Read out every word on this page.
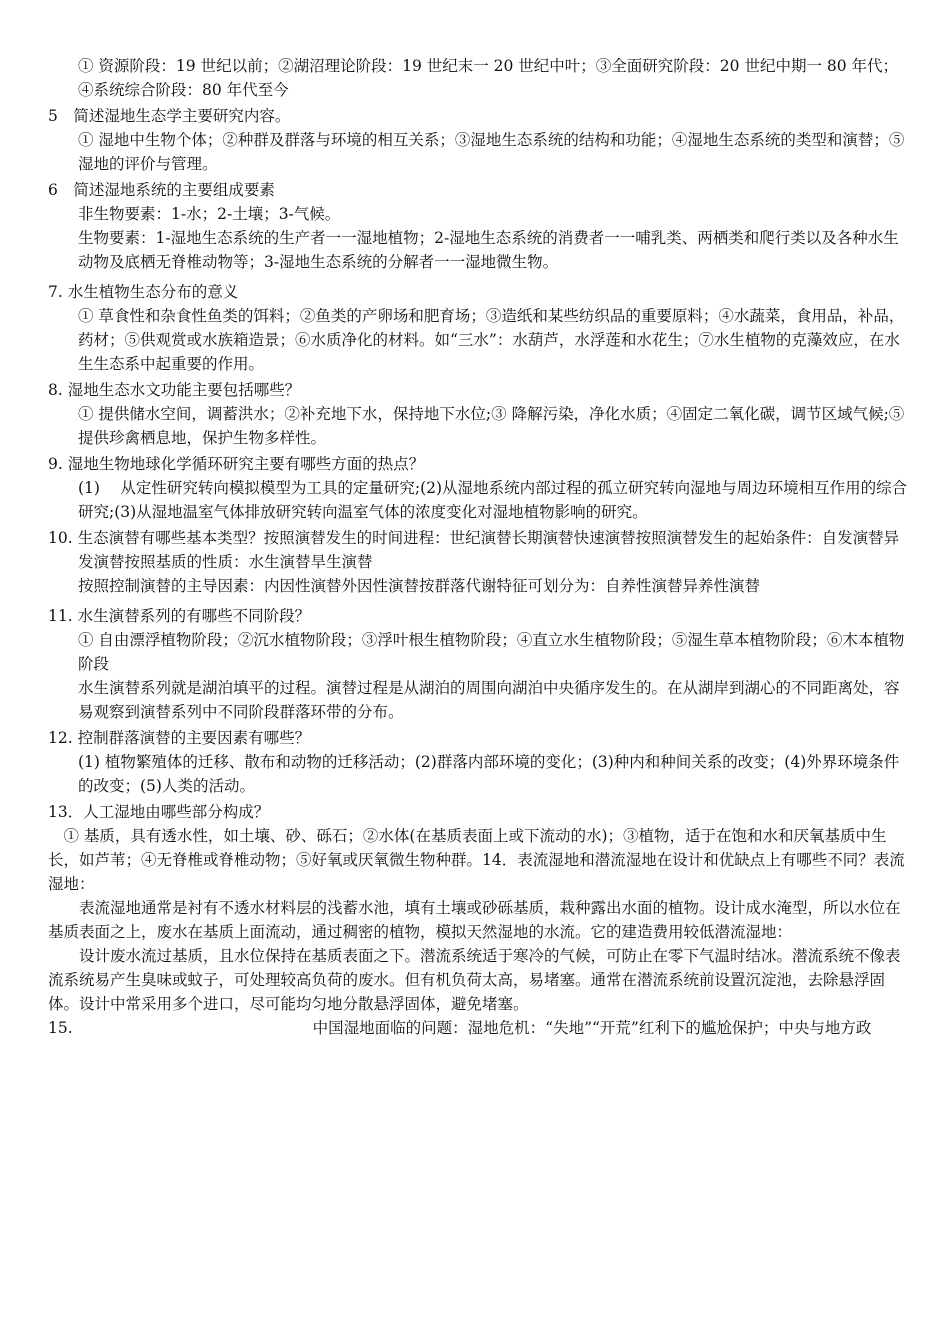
① 资源阶段：19 世纪以前；②湖沼理论阶段：19 世纪末一 20 世纪中叶；③全面研究阶段：20 世纪中期一 80 年代；④系统综合阶段：80 年代至今
5　简述湿地生态学主要研究内容。
① 湿地中生物个体；②种群及群落与环境的相互关系；③湿地生态系统的结构和功能；④湿地生态系统的类型和演替；⑤湿地的评价与管理。
6　简述湿地系统的主要组成要素
非生物要素：1-水；2-土壤；3-气候。
生物要素：1-湿地生态系统的生产者一一湿地植物；2-湿地生态系统的消费者一一哺乳类、两栖类和爬行类以及各种水生动物及底栖无脊椎动物等；3-湿地生态系统的分解者一一湿地微生物。
7. 水生植物生态分布的意义
① 草食性和杂食性鱼类的饵料；②鱼类的产卵场和肥育场；③造纸和某些纺织品的重要原料；④水蔬菜，食用品，补品，药材；⑤供观赏或水族箱造景；⑥水质净化的材料。如“三水”：水葫芦，水浮莲和水花生；⑦水生植物的克藻效应，在水生生态系中起重要的作用。
8. 湿地生态水文功能主要包括哪些？
① 提供储水空间，调蓄洪水；②补充地下水，保持地下水位;③ 降解污染，净化水质；④固定二氧化碳，调节区域气候;⑤ 提供珍禽栖息地，保护生物多样性。
9. 湿地生物地球化学循环研究主要有哪些方面的热点？
(1)　 从定性研究转向模拟模型为工具的定量研究;(2)从湿地系统内部过程的孤立研究转向湿地与周边环境相互作用的综合研究;(3)从湿地温室气体排放研究转向温室气体的浓度变化对湿地植物影响的研究。
10. 生态演替有哪些基本类型？按照演替发生的时间进程：世纪演替长期演替快速演替按照演替发生的起始条件：自发演替异发演替按照基质的性质：水生演替旱生演替
按照控制演替的主导因素：内因性演替外因性演替按群落代谢特征可划分为：自养性演替异养性演替
11. 水生演替系列的有哪些不同阶段？
① 自由漂浮植物阶段；②沉水植物阶段；③浮叶根生植物阶段；④直立水生植物阶段；⑤湿生草本植物阶段；⑥木本植物阶段
水生演替系列就是湖泊填平的过程。演替过程是从湖泊的周围向湖泊中央循序发生的。在从湖岸到湖心的不同距离处，容易观察到演替系列中不同阶段群落环带的分布。
12. 控制群落演替的主要因素有哪些？
(1) 植物繁殖体的迁移、散布和动物的迁移活动；(2)群落内部环境的变化；(3)种内和种间关系的改变；(4)外界环境条件的改变；(5)人类的活动。
13．人工湿地由哪些部分构成？
　① 基质，具有透水性，如土壤、砂、砾石；②水体(在基质表面上或下流动的水)；③植物，适于在饱和水和厌氧基质中生长，如芦苇；④无脊椎或脊椎动物；⑤好氧或厌氧微生物种群。14．表流湿地和潜流湿地在设计和优缺点上有哪些不同？表流湿地：
　　表流湿地通常是衬有不透水材料层的浅蓄水池，填有土壤或砂砾基质，栽种露出水面的植物。设计成水淹型，所以水位在基质表面之上，废水在基质上面流动，通过稠密的植物，模拟天然湿地的水流。它的建造费用较低潜流湿地：
　　设计废水流过基质，且水位保持在基质表面之下。潜流系统适于寒冷的气候，可防止在零下气温时结冰。潜流系统不像表流系统易产生臭味或蚊子，可处理较高负荷的废水。但有机负荷太高，易堵塞。通常在潜流系统前设置沉淀池，去除悬浮固体。设计中常采用多个进口，尽可能均匀地分散悬浮固体，避免堵塞。
15.	中国湿地面临的问题：湿地危机：“失地”“开荒”红利下的尴尬保护；中央与地方政
